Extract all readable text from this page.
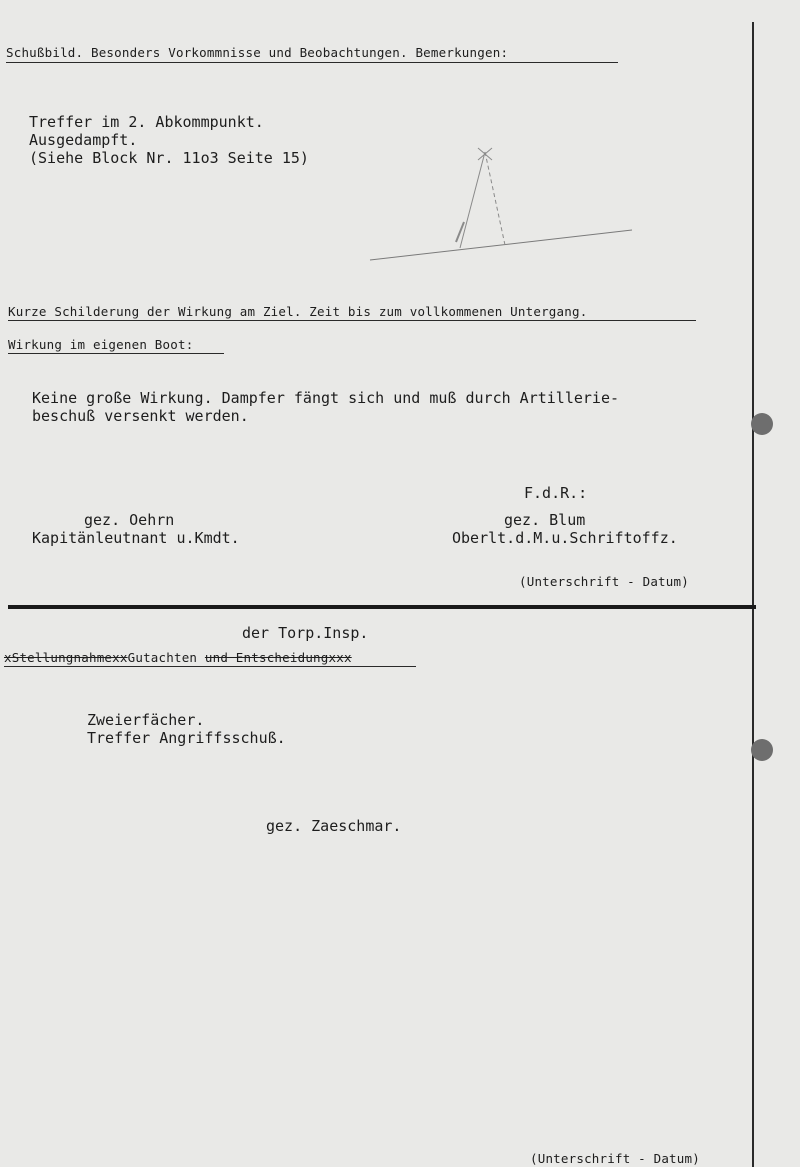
Schußbild. Besonders Vorkommnisse und Beobachtungen. Bemerkungen:
Treffer im 2. Abkommpunkt.
Ausgedampft.
(Siehe Block Nr. 11o3 Seite 15)
Kurze Schilderung der Wirkung am Ziel. Zeit bis zum vollkommenen Untergang.
Wirkung im eigenen Boot:
Keine große Wirkung. Dampfer fängt sich und muß durch Artillerie-
beschuß versenkt werden.
F.d.R.:
gez. Oehrn	gez. Blum
Kapitänleutnant u.Kmdt.	Oberlt.d.M.u.Schriftoffz.
(Unterschrift - Datum)
der Torp.Insp.
xStellungnahmexxGutachten und Entscheidungxxx
Zweierfächer.
Treffer Angriffsschuß.
gez. Zaeschmar.
(Unterschrift - Datum)
